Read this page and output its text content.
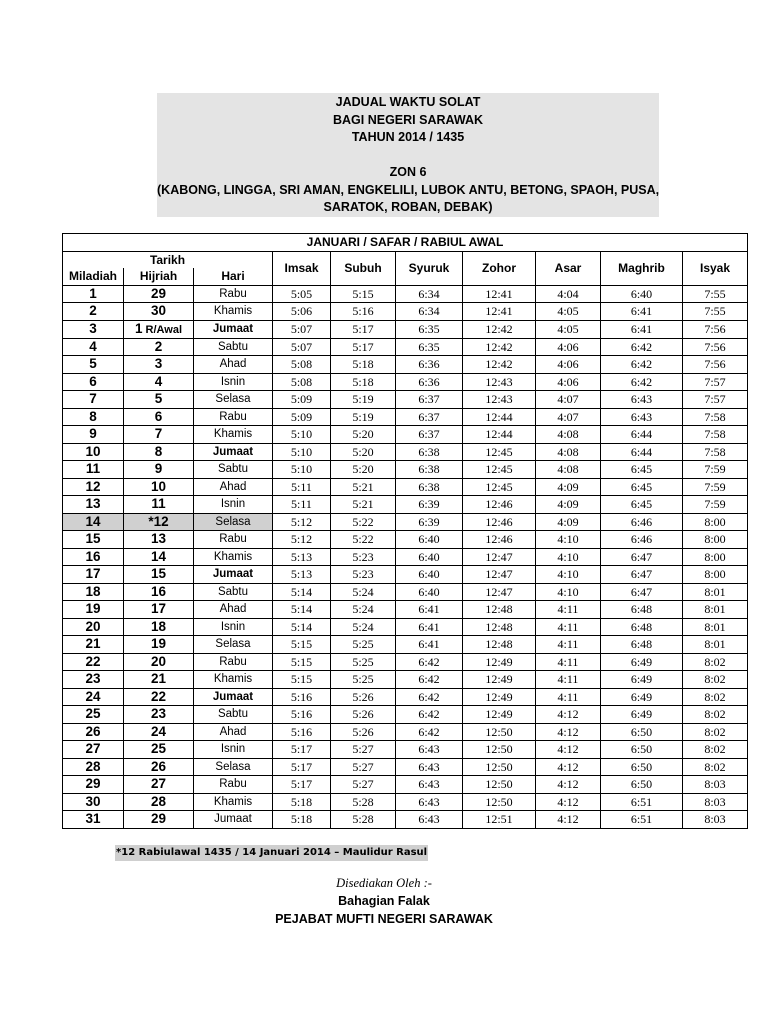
JADUAL WAKTU SOLAT
BAGI NEGERI SARAWAK
TAHUN 2014 / 1435
ZON 6
(KABONG, LINGGA, SRI AMAN, ENGKELILI, LUBOK ANTU, BETONG, SPAOH, PUSA,
SARATOK, ROBAN, DEBAK)
JANUARI / SAFAR / RABIUL AWAL									
Tarikh			Imsak	Subuh	Syuruk	Zohor	Asar	Maghrib	Isyak
Miladiah	Hijriah	Hari							
1	29	Rabu	5:05	5:15	6:34	12:41	4:04	6:40	7:55
2	30	Khamis	5:06	5:16	6:34	12:41	4:05	6:41	7:55
3	1 R/Awal	Jumaat	5:07	5:17	6:35	12:42	4:05	6:41	7:56
4	2	Sabtu	5:07	5:17	6:35	12:42	4:06	6:42	7:56
5	3	Ahad	5:08	5:18	6:36	12:42	4:06	6:42	7:56
6	4	Isnin	5:08	5:18	6:36	12:43	4:06	6:42	7:57
7	5	Selasa	5:09	5:19	6:37	12:43	4:07	6:43	7:57
8	6	Rabu	5:09	5:19	6:37	12:44	4:07	6:43	7:58
9	7	Khamis	5:10	5:20	6:37	12:44	4:08	6:44	7:58
10	8	Jumaat	5:10	5:20	6:38	12:45	4:08	6:44	7:58
11	9	Sabtu	5:10	5:20	6:38	12:45	4:08	6:45	7:59
12	10	Ahad	5:11	5:21	6:38	12:45	4:09	6:45	7:59
13	11	Isnin	5:11	5:21	6:39	12:46	4:09	6:45	7:59
14	*12	Selasa	5:12	5:22	6:39	12:46	4:09	6:46	8:00
15	13	Rabu	5:12	5:22	6:40	12:46	4:10	6:46	8:00
16	14	Khamis	5:13	5:23	6:40	12:47	4:10	6:47	8:00
17	15	Jumaat	5:13	5:23	6:40	12:47	4:10	6:47	8:00
18	16	Sabtu	5:14	5:24	6:40	12:47	4:10	6:47	8:01
19	17	Ahad	5:14	5:24	6:41	12:48	4:11	6:48	8:01
20	18	Isnin	5:14	5:24	6:41	12:48	4:11	6:48	8:01
21	19	Selasa	5:15	5:25	6:41	12:48	4:11	6:48	8:01
22	20	Rabu	5:15	5:25	6:42	12:49	4:11	6:49	8:02
23	21	Khamis	5:15	5:25	6:42	12:49	4:11	6:49	8:02
24	22	Jumaat	5:16	5:26	6:42	12:49	4:11	6:49	8:02
25	23	Sabtu	5:16	5:26	6:42	12:49	4:12	6:49	8:02
26	24	Ahad	5:16	5:26	6:42	12:50	4:12	6:50	8:02
27	25	Isnin	5:17	5:27	6:43	12:50	4:12	6:50	8:02
28	26	Selasa	5:17	5:27	6:43	12:50	4:12	6:50	8:02
29	27	Rabu	5:17	5:27	6:43	12:50	4:12	6:50	8:03
30	28	Khamis	5:18	5:28	6:43	12:50	4:12	6:51	8:03
31	29	Jumaat	5:18	5:28	6:43	12:51	4:12	6:51	8:03
*12 Rabiulawal 1435 / 14 Januari 2014 – Maulidur Rasul
Disediakan Oleh :-
Bahagian Falak
PEJABAT MUFTI NEGERI SARAWAK
